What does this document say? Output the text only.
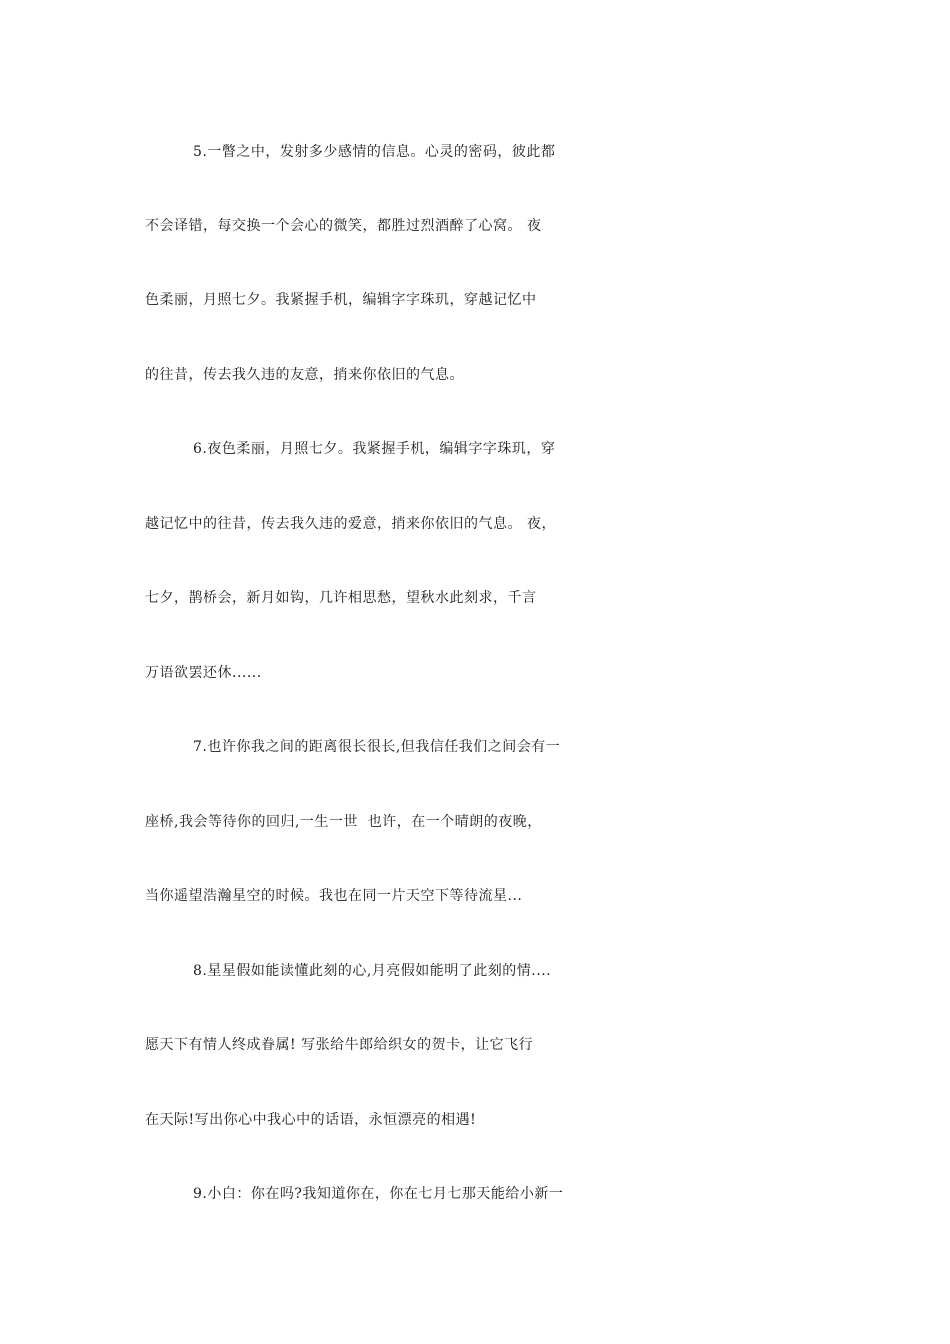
5.一瞥之中，发射多少感情的信息。心灵的密码，彼此都
不会译错，每交换一个会心的微笑，都胜过烈酒醉了心窝。 夜
色柔丽，月照七夕。我紧握手机，编辑字字珠玑，穿越记忆中
的往昔，传去我久违的友意，捎来你依旧的气息。
6.夜色柔丽，月照七夕。我紧握手机，编辑字字珠玑，穿
越记忆中的往昔，传去我久违的爱意，捎来你依旧的气息。 夜，
七夕，鹊桥会，新月如钩，几许相思愁，望秋水此刻求，千言
万语欲罢还休......
7.也许你我之间的距离很长很长,但我信任我们之间会有一
座桥,我会等待你的回归,一生一世  也许，在一个晴朗的夜晚，
当你遥望浩瀚星空的时候。我也在同一片天空下等待流星...
8.星星假如能读懂此刻的心,月亮假如能明了此刻的情....
愿天下有情人终成眷属! 写张给牛郎给织女的贺卡，让它飞行
在天际!写出你心中我心中的话语，永恒漂亮的相遇!
9.小白：你在吗?我知道你在，你在七月七那天能给小新一
